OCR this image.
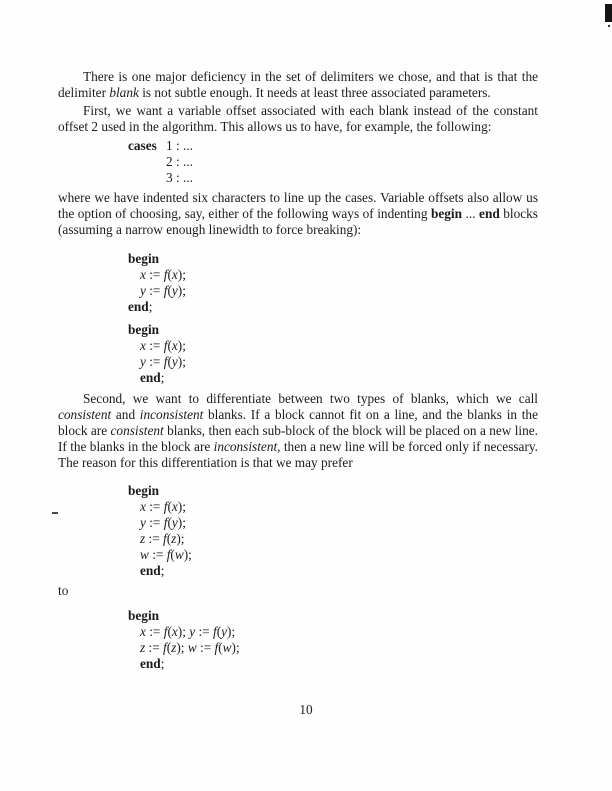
There is one major deficiency in the set of delimiters we chose, and that is that the delimiter blank is not subtle enough. It needs at least three associated parameters.

First, we want a variable offset associated with each blank instead of the constant offset 2 used in the algorithm. This allows us to have, for example, the following:

cases 1 : ...
2 : ...
3 : ...

where we have indented six characters to line up the cases. Variable offsets also allow us the option of choosing, say, either of the following ways of indenting begin ... end blocks (assuming a narrow enough linewidth to force breaking):

begin
x := f(x);
y := f(y);
end;
begin
x := f(x);
y := f(y);
end;

Second, we want to differentiate between two types of blanks, which we call consistent and inconsistent blanks. If a block cannot fit on a line, and the blanks in the block are consistent blanks, then each sub-block of the block will be placed on a new line. If the blanks in the block are inconsistent, then a new line will be forced only if necessary. The reason for this differentiation is that we may prefer

begin
x := f(x);
y := f(y);
z := f(z);
w := f(w);
end;

to

begin
x := f(x); y := f(y);
z := f(z); w := f(w);
end;
10
